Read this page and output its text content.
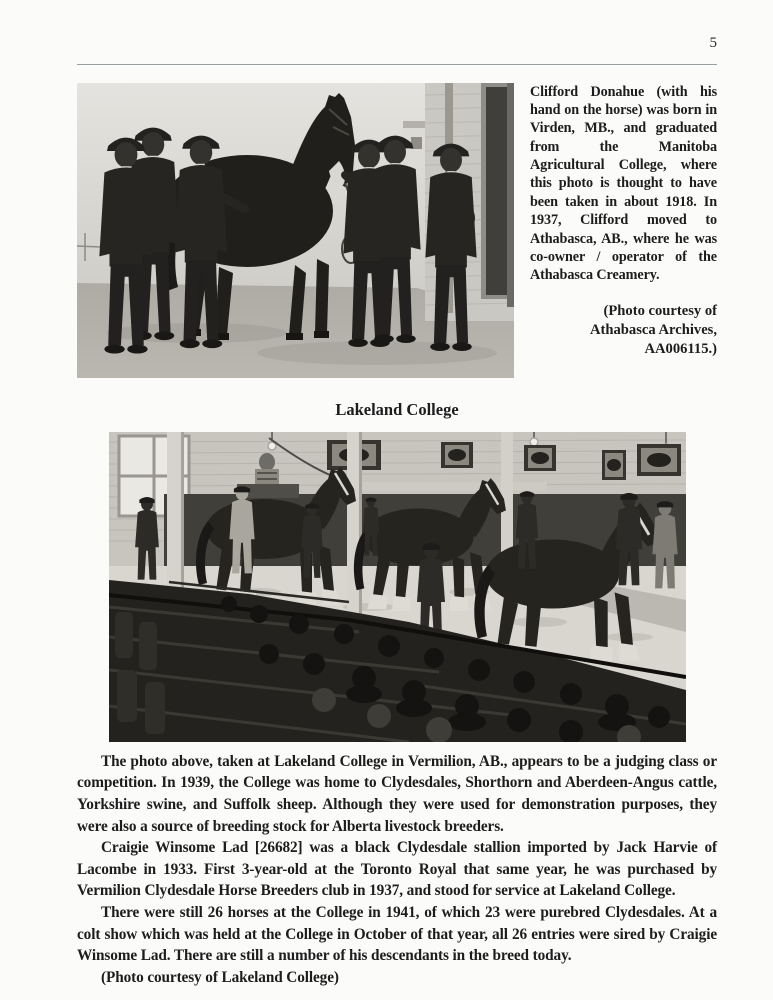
5

Clifford Donahue (with his hand on the horse) was born in Virden, MB., and graduated from the Manitoba Agricultural College, where this photo is thought to have been taken in about 1918. In 1937, Clifford moved to Athabasca, AB., where he was co-owner / operator of the Athabasca Creamery.

(Photo courtesy of
Athabasca Archives,
AA006115.)
Lakeland College

The photo above, taken at Lakeland College in Vermilion, AB., appears to be a judging class or competition. In 1939, the College was home to Clydesdales, Shorthorn and Aberdeen-Angus cattle, Yorkshire swine, and Suffolk sheep. Although they were used for demonstration purposes, they were also a source of breeding stock for Alberta livestock breeders.

Craigie Winsome Lad [26682] was a black Clydesdale stallion imported by Jack Harvie of Lacombe in 1933. First 3-year-old at the Toronto Royal that same year, he was purchased by Vermilion Clydesdale Horse Breeders club in 1937, and stood for service at Lakeland College.

There were still 26 horses at the College in 1941, of which 23 were purebred Clydesdales. At a colt show which was held at the College in October of that year, all 26 entries were sired by Craigie Winsome Lad. There are still a number of his descendants in the breed today.

(Photo courtesy of Lakeland College)
